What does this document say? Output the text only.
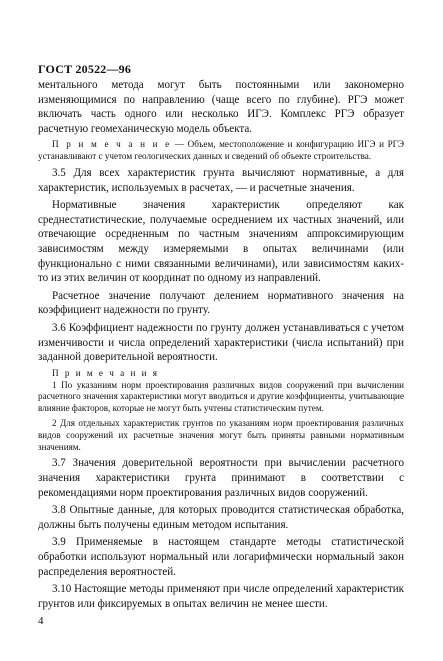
ГОСТ 20522—96

ментального метода могут быть постоянными или закономерно изменяющимися по направлению (чаще всего по глубине). РГЭ может включать часть одного или несколько ИГЭ. Комплекс РГЭ образует расчетную геомеханическую модель объекта.

П р и м е ч а н и е — Объем, местоположение и конфигурацию ИГЭ и РГЭ устанавливают с учетом геологических данных и сведений об объекте строительства.

3.5 Для всех характеристик грунта вычисляют нормативные, а для характеристик, используемых в расчетах, — и расчетные значения.

Нормативные значения характеристик определяют как среднестатистические, получаемые осреднением их частных значений, или отвечающие осредненным по частным значениям аппроксимирующим зависимостям между измеряемыми в опытах величинами (или функционально с ними связанными величинами), или зависимостям каких-то из этих величин от координат по одному из направлений.

Расчетное значение получают делением нормативного значения на коэффициент надежности по грунту.

3.6 Коэффициент надежности по грунту должен устанавливаться с учетом изменчивости и числа определений характеристики (числа испытаний) при заданной доверительной вероятности.

П р и м е ч а н и я

1 По указаниям норм проектирования различных видов сооружений при вычислении расчетного значения характеристики могут вводиться и другие коэффициенты, учитывающие влияние факторов, которые не могут быть учтены статистическим путем.

2 Для отдельных характеристик грунтов по указаниям норм проектирования различных видов сооружений их расчетные значения могут быть приняты равными нормативным значениям.

3.7 Значения доверительной вероятности при вычислении расчетного значения характеристики грунта принимают в соответствии с рекомендациями норм проектирования различных видов сооружений.

3.8 Опытные данные, для которых проводится статистическая обработка, должны быть получены единым методом испытания.

3.9 Применяемые в настоящем стандарте методы статистической обработки используют нормальный или логарифмически нормальный закон распределения вероятностей.

3.10 Настоящие методы применяют при числе определений характеристик грунтов или фиксируемых в опытах величин не менее шести.

4
